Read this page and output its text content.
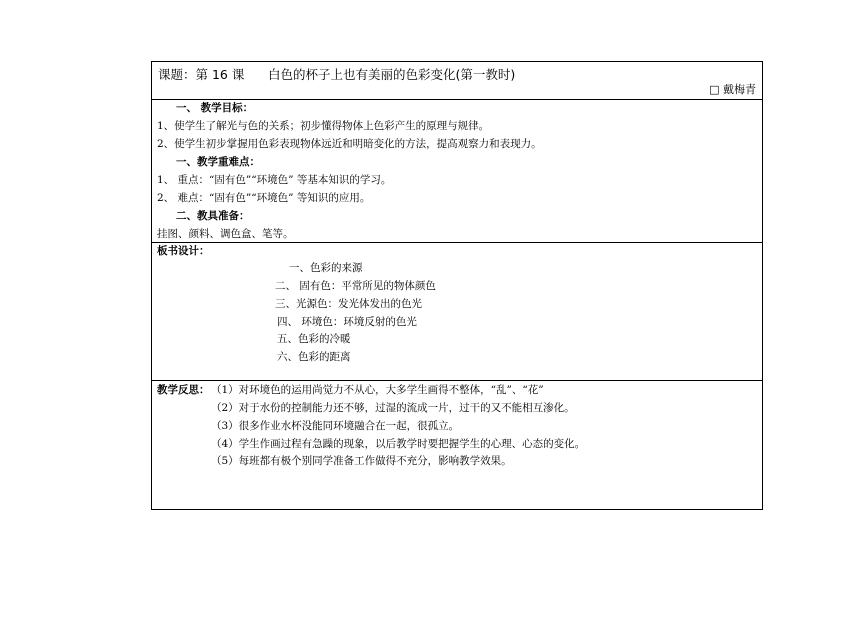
课题：第 16 课 白色的杯子上也有美丽的色彩变化(第一教时)
□ 戴梅青
一、 教学目标：
1、使学生了解光与色的关系；初步懂得物体上色彩产生的原理与规律。
2、使学生初步掌握用色彩表现物体远近和明暗变化的方法，提高观察力和表现力。
一、教学重难点：
1、 重点：“固有色”“环境色” 等基本知识的学习。
2、 难点：“固有色”“环境色” 等知识的应用。
二、教具准备：
挂图、颜料、调色盒、笔等。
板书设计：
一、色彩的来源
二、 固有色：平常所见的物体颜色
三、光源色：发光体发出的色光
四、 环境色：环境反射的色光
五、色彩的冷暖
六、色彩的距离
教学反思： （1）对环境色的运用尚觉力不从心，大多学生画得不整体，“乱”、“花”
（2）对于水份的控制能力还不够，过湿的流成一片，过干的又不能相互渗化。
（3）很多作业水杯没能同环境融合在一起，很孤立。
（4）学生作画过程有急躁的现象，以后教学时要把握学生的心理、心态的变化。
（5）每班都有极个别同学准备工作做得不充分，影响教学效果。
